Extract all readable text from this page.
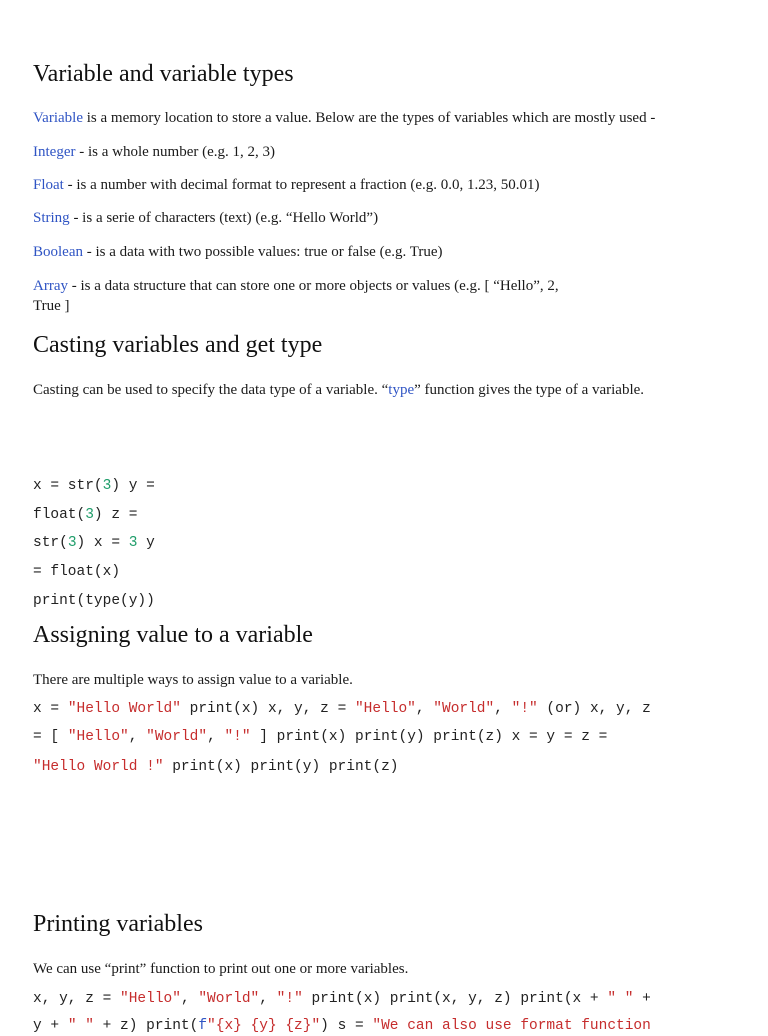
Variable and variable types

Variable is a memory location to store a value. Below are the types of variables which are mostly used -

Integer - is a whole number (e.g. 1, 2, 3)

Float - is a number with decimal format to represent a fraction (e.g. 0.0, 1.23, 50.01)

String - is a serie of characters (text) (e.g. “Hello World”)

Boolean - is a data with two possible values: true or false (e.g. True)

Array - is a data structure that can store one or more objects or values (e.g. [ “Hello”, 2,

True ]

Casting variables and get type

Casting can be used to specify the data type of a variable. “type” function gives the type of a variable.

x = str(3) y =
float(3) z =
str(3) x = 3 y
= float(x)
print(type(y))
Assigning value to a variable

There are multiple ways to assign value to a variable.

x = "Hello World" print(x) x, y, z = "Hello", "World", "!" (or) x, y, z
= [ "Hello", "World", "!" ] print(x) print(y) print(z) x = y = z =
"Hello World !" print(x) print(y) print(z)
Printing variables

We can use “print” function to print out one or more variables.

x, y, z = "Hello", "World", "!" print(x) print(x, y, z) print(x + " " +
y + " " + z) print(f"{x} {y} {z}") s = "We can also use format function
